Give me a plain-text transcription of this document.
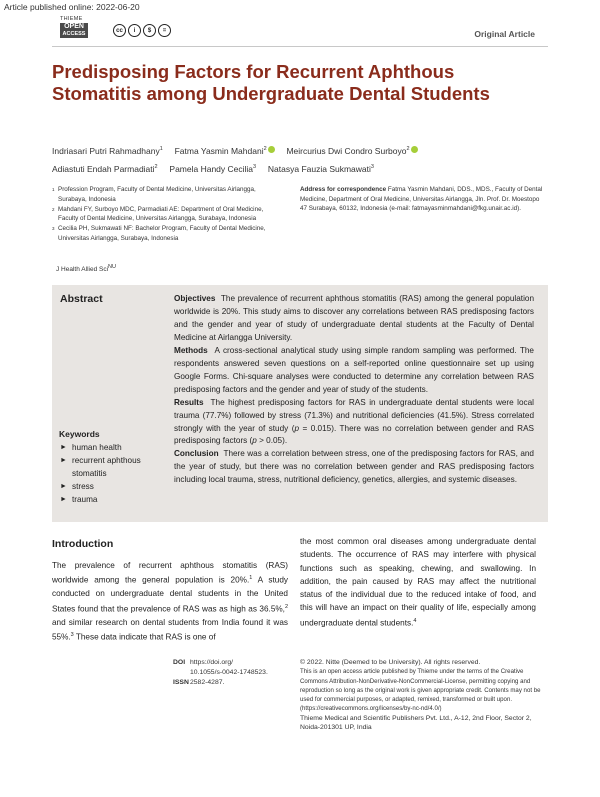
Article published online: 2022-06-20
THIEME
OPEN
ACCESS
cc	i	$	=	Original Article
Predisposing Factors for Recurrent Aphthous Stomatitis among Undergraduate Dental Students
Indriasari Putri Rahmadhany$^1$ Fatma Yasmin Mahdani$^2$ Meircurius Dwi Condro Surboyo$^2$
Adiastuti Endah Parmadiati$^2$ Pamela Handy Cecilia$^3$ Natasya Fauzia Sukmawati$^3$
1 Profession Program, Faculty of Dental Medicine, Universitas Airlangga, Surabaya, Indonesia
2 Mahdani FY, Surboyo MDC, Parmadiati AE: Department of Oral Medicine, Faculty of Dental Medicine, Universitas Airlangga, Surabaya, Indonesia
3 Cecilia PH, Sukmawati NF: Bachelor Program, Faculty of Dental Medicine, Universitas Airlangga, Surabaya, Indonesia
Address for correspondence Fatma Yasmin Mahdani, DDS., MDS., Faculty of Dental Medicine, Department of Oral Medicine, Universitas Airlangga, Jln. Prof. Dr. Moestopo 47 Surabaya, 60132, Indonesia (e-mail: fatmayasminmahdani@fkg.unair.ac.id).
J Health Allied Sci$^{NU}$
Abstract	Objectives The prevalence of recurrent aphthous stomatitis (RAS) among the general population worldwide is 20%. This study aims to discover any correlations between RAS predisposing factors and the gender and year of study of undergraduate dental students at the Faculty of Dental Medicine at Airlangga University.
Methods A cross-sectional analytical study using simple random sampling was performed. The respondents answered seven questions on a self-reported online questionnaire set up using Google Forms. Chi-square analyses were conducted to determine any correlation between RAS predisposing factors and the gender and year of study of the students.
Results The highest predisposing factors for RAS in undergraduate dental students were local trauma (77.7%) followed by stress (71.3%) and nutritional deficiencies (41.5%). Stress correlated strongly with the year of study (p = 0.015). There was no correlation between gender and RAS predisposing factors (p > 0.05).
Conclusion There was a correlation between stress, one of the predisposing factors for RAS, and the year of study, but there was no correlation between gender and RAS predisposing factors including local trauma, stress, nutritional deficiency, genetics, allergies, and systemic diseases.
Keywords
► human health
► recurrent aphthous stomatitis
► stress
► trauma
Introduction
The prevalence of recurrent aphthous stomatitis (RAS) worldwide among the general population is 20%.$^1$ A study conducted on undergraduate dental students in the United States found that the prevalence of RAS was as high as 36.5%,$^2$ and similar research on dental students from India found it was 55%.$^3$ These data indicate that RAS is one of
the most common oral diseases among undergraduate dental students. The occurrence of RAS may interfere with physical functions such as speaking, chewing, and swallowing. In addition, the pain caused by RAS may affect the nutritional status of the individual due to the reduced intake of food, and this will have an impact on their quality of life, especially among undergraduate dental students.$^4$
DOI https://doi.org/
10.1055/s-0042-1748523.
ISSN2582-4287.
© 2022. Nitte (Deemed to be University). All rights reserved.
This is an open access article published by Thieme under the terms of the Creative Commons Attribution-NonDerivative-NonCommercial-License, permitting copying and reproduction so long as the original work is given appropriate credit. Contents may not be used for commercial purposes, or adapted, remixed, transformed or built upon. (https://creativecommons.org/licenses/by-nc-nd/4.0/)
Thieme Medical and Scientific Publishers Pvt. Ltd., A-12, 2nd Floor, Sector 2, Noida-201301 UP, India
